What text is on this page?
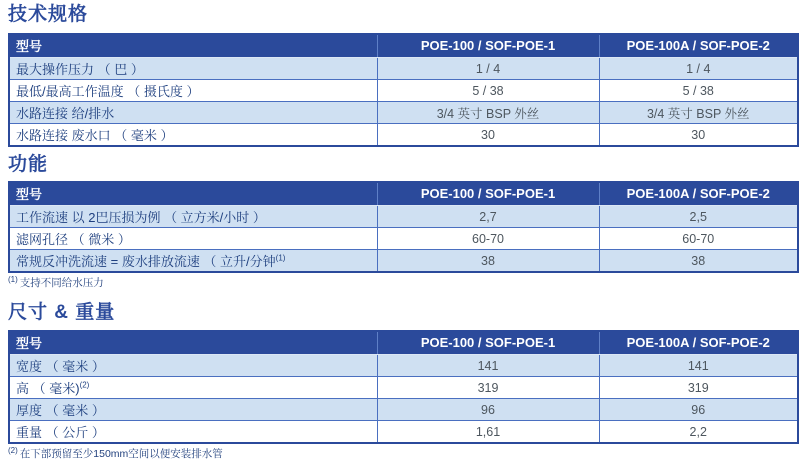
技术规格
型号	POE-100 / SOF-POE-1	POE-100A / SOF-POE-2
最大操作压力 （ 巴 ）	1 / 4	1 / 4
最低/最高工作温度 （ 摄氏度 ）	5 / 38	5 / 38
水路连接 给/排水	3/4 英寸 BSP 外丝	3/4 英寸 BSP 外丝
水路连接 废水口 （ 毫米 ）	30	30
功能
型号	POE-100 / SOF-POE-1	POE-100A / SOF-POE-2
工作流速 以 2巴压损为例 （ 立方米/小时 ）	2,7	2,5
滤网孔径 （ 微米 ）	60-70	60-70
常规反冲洗流速 = 废水排放流速 （ 立升/分钟$^{(1)}$	38	38

$^{(1)}$ 支持不同给水压力

尺寸 & 重量
型号	POE-100 / SOF-POE-1	POE-100A / SOF-POE-2
宽度 （ 毫米 ）	141	141
高 （ 毫米)$^{(2)}$	319	319
厚度 （ 毫米 ）	96	96
重量 （ 公斤 ）	1,61	2,2

$^{(2)}$ 在下部预留至少150mm空间以便安装排水管
